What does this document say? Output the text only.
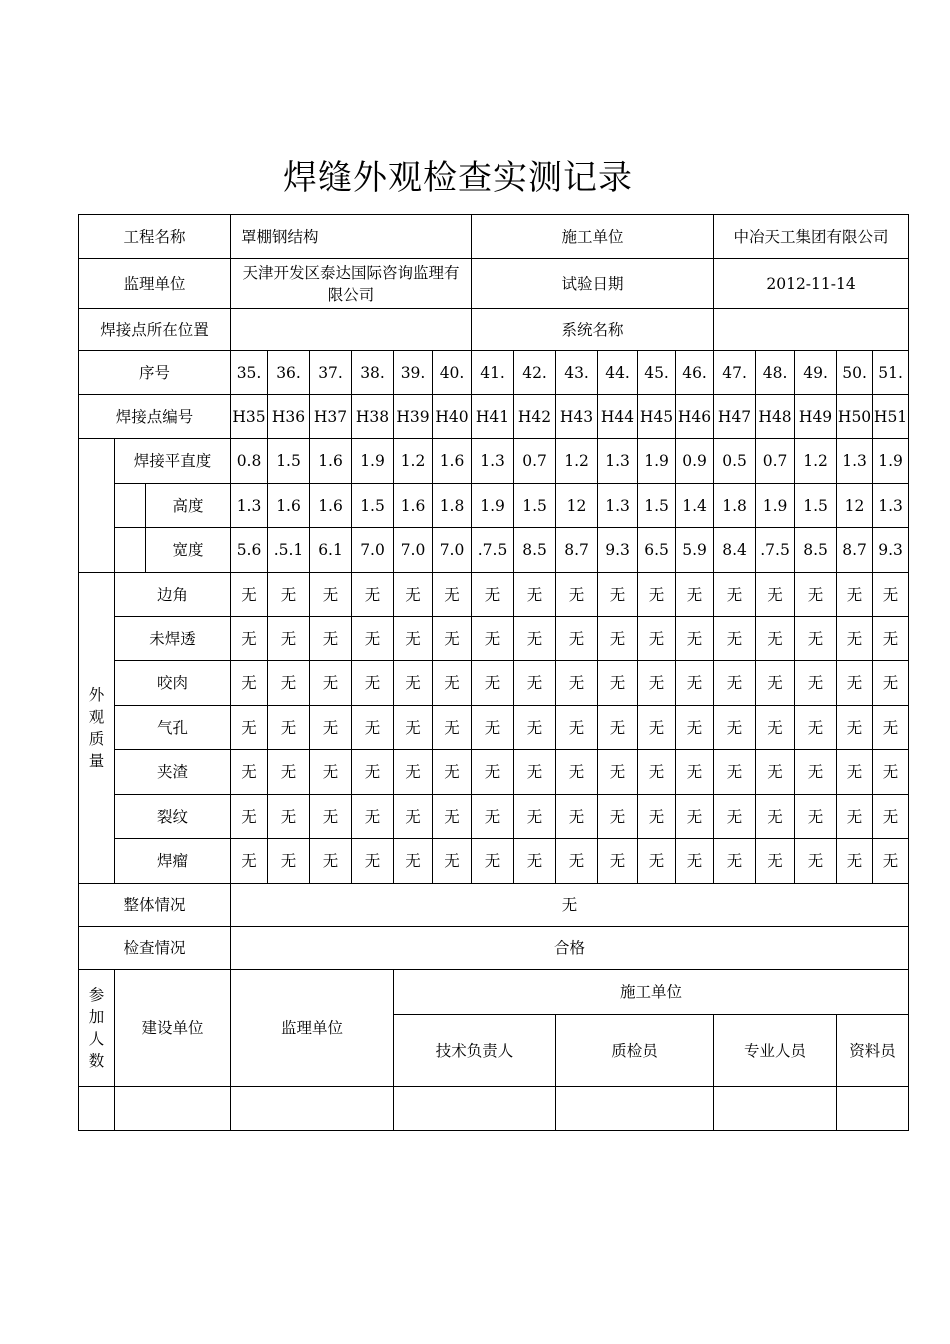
焊缝外观检查实测记录
工程名称			罩棚钢结构						施工单位						中冶天工集团有限公司				
监理单位			天津开发区泰达国际咨询监理有限公司						试验日期						2012-11-14				
焊接点所在位置									系统名称										
序号			35.	36.	37.	38.	39.	40.	41.	42.	43.	44.	45.	46.	47.	48.	49.	50.	51.
焊接点编号			H35	H36	H37	H38	H39	H40	H41	H42	H43	H44	H45	H46	H47	H48	H49	H50	H51
	焊接平直度		0.8	1.5	1.6	1.9	1.2	1.6	1.3	0.7	1.2	1.3	1.9	0.9	0.5	0.7	1.2	1.3	1.9
		高度	1.3	1.6	1.6	1.5	1.6	1.8	1.9	1.5	12	1.3	1.5	1.4	1.8	1.9	1.5	12	1.3
		宽度	5.6	.5.1	6.1	7.0	7.0	7.0	.7.5	8.5	8.7	9.3	6.5	5.9	8.4	.7.5	8.5	8.7	9.3

外
观
质
量	边角		无	无	无	无	无	无	无	无	无	无	无	无	无	无	无	无	无
	未焊透		无	无	无	无	无	无	无	无	无	无	无	无	无	无	无	无	无
	咬肉		无	无	无	无	无	无	无	无	无	无	无	无	无	无	无	无	无
	气孔		无	无	无	无	无	无	无	无	无	无	无	无	无	无	无	无	无
	夹渣		无	无	无	无	无	无	无	无	无	无	无	无	无	无	无	无	无
	裂纹		无	无	无	无	无	无	无	无	无	无	无	无	无	无	无	无	无
	焊瘤		无	无	无	无	无	无	无	无	无	无	无	无	无	无	无	无	无
整体情况			无																
检查情况			合格																

参
加
人
数	建设单位		监理单位				施工单位												
							技术负责人				质检员				专业人员			资料员	
